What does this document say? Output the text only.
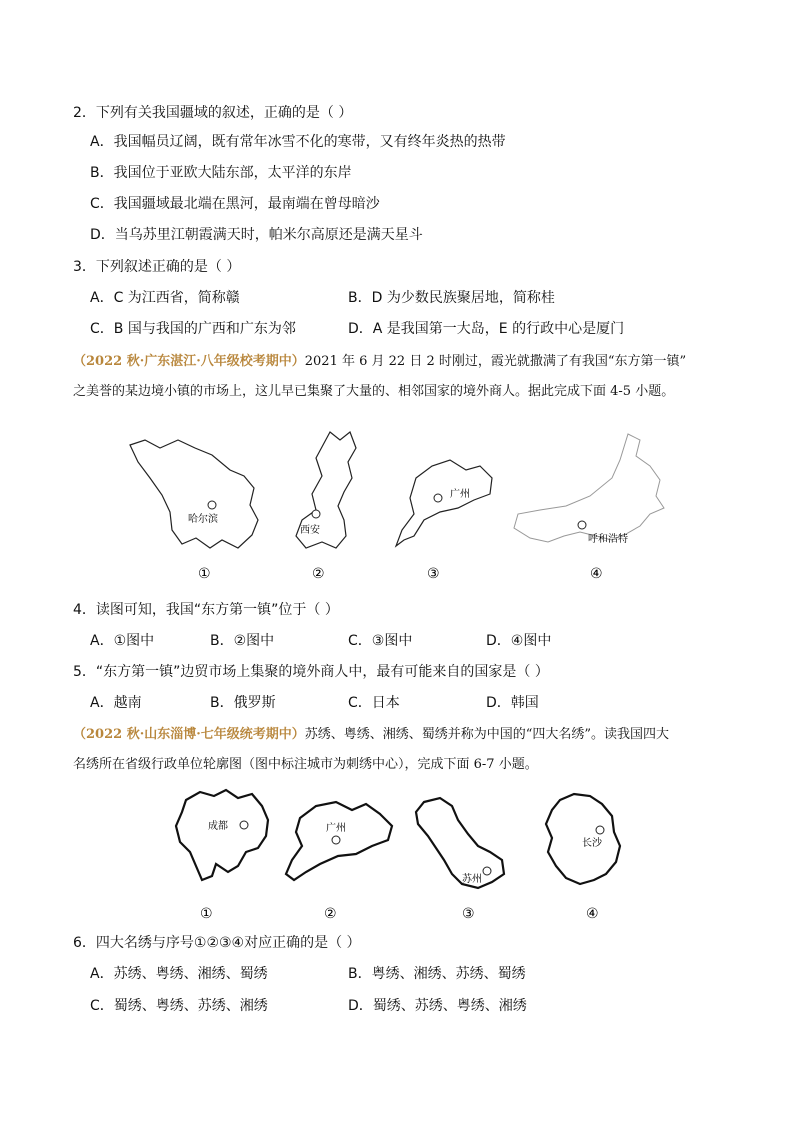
2．下列有关我国疆域的叙述，正确的是（ ）
A．我国幅员辽阔，既有常年冰雪不化的寒带，又有终年炎热的热带
B．我国位于亚欧大陆东部，太平洋的东岸
C．我国疆域最北端在黑河，最南端在曾母暗沙
D．当乌苏里江朝霞满天时，帕米尔高原还是满天星斗
3．下列叙述正确的是（ ）
A．C 为江西省，简称赣	B．D 为少数民族聚居地，简称桂
C．B 国与我国的广西和广东为邻	D．A 是我国第一大岛，E 的行政中心是厦门
（2022 秋·广东湛江·八年级校考期中）2021 年 6 月 22 日 2 时刚过，霞光就撒满了有我国“东方第一镇”
之美誉的某边境小镇的市场上，这儿早已集聚了大量的、相邻国家的境外商人。据此完成下面 4-5 小题。
哈尔滨
①
西安
②
广州
③
呼和浩特
④
4．读图可知，我国“东方第一镇”位于（ ）
A．①图中	B．②图中	C．③图中	D．④图中
5．“东方第一镇”边贸市场上集聚的境外商人中，最有可能来自的国家是（ ）
A．越南	B．俄罗斯	C．日本	D．韩国
（2022 秋·山东淄博·七年级统考期中）苏绣、粤绣、湘绣、蜀绣并称为中国的“四大名绣”。读我国四大
名绣所在省级行政单位轮廓图（图中标注城市为刺绣中心），完成下面 6-7 小题。
成都
①
广州
②
苏州
③
长沙
④
6．四大名绣与序号①②③④对应正确的是（ ）
A．苏绣、粤绣、湘绣、蜀绣	B．粤绣、湘绣、苏绣、蜀绣
C．蜀绣、粤绣、苏绣、湘绣	D．蜀绣、苏绣、粤绣、湘绣
